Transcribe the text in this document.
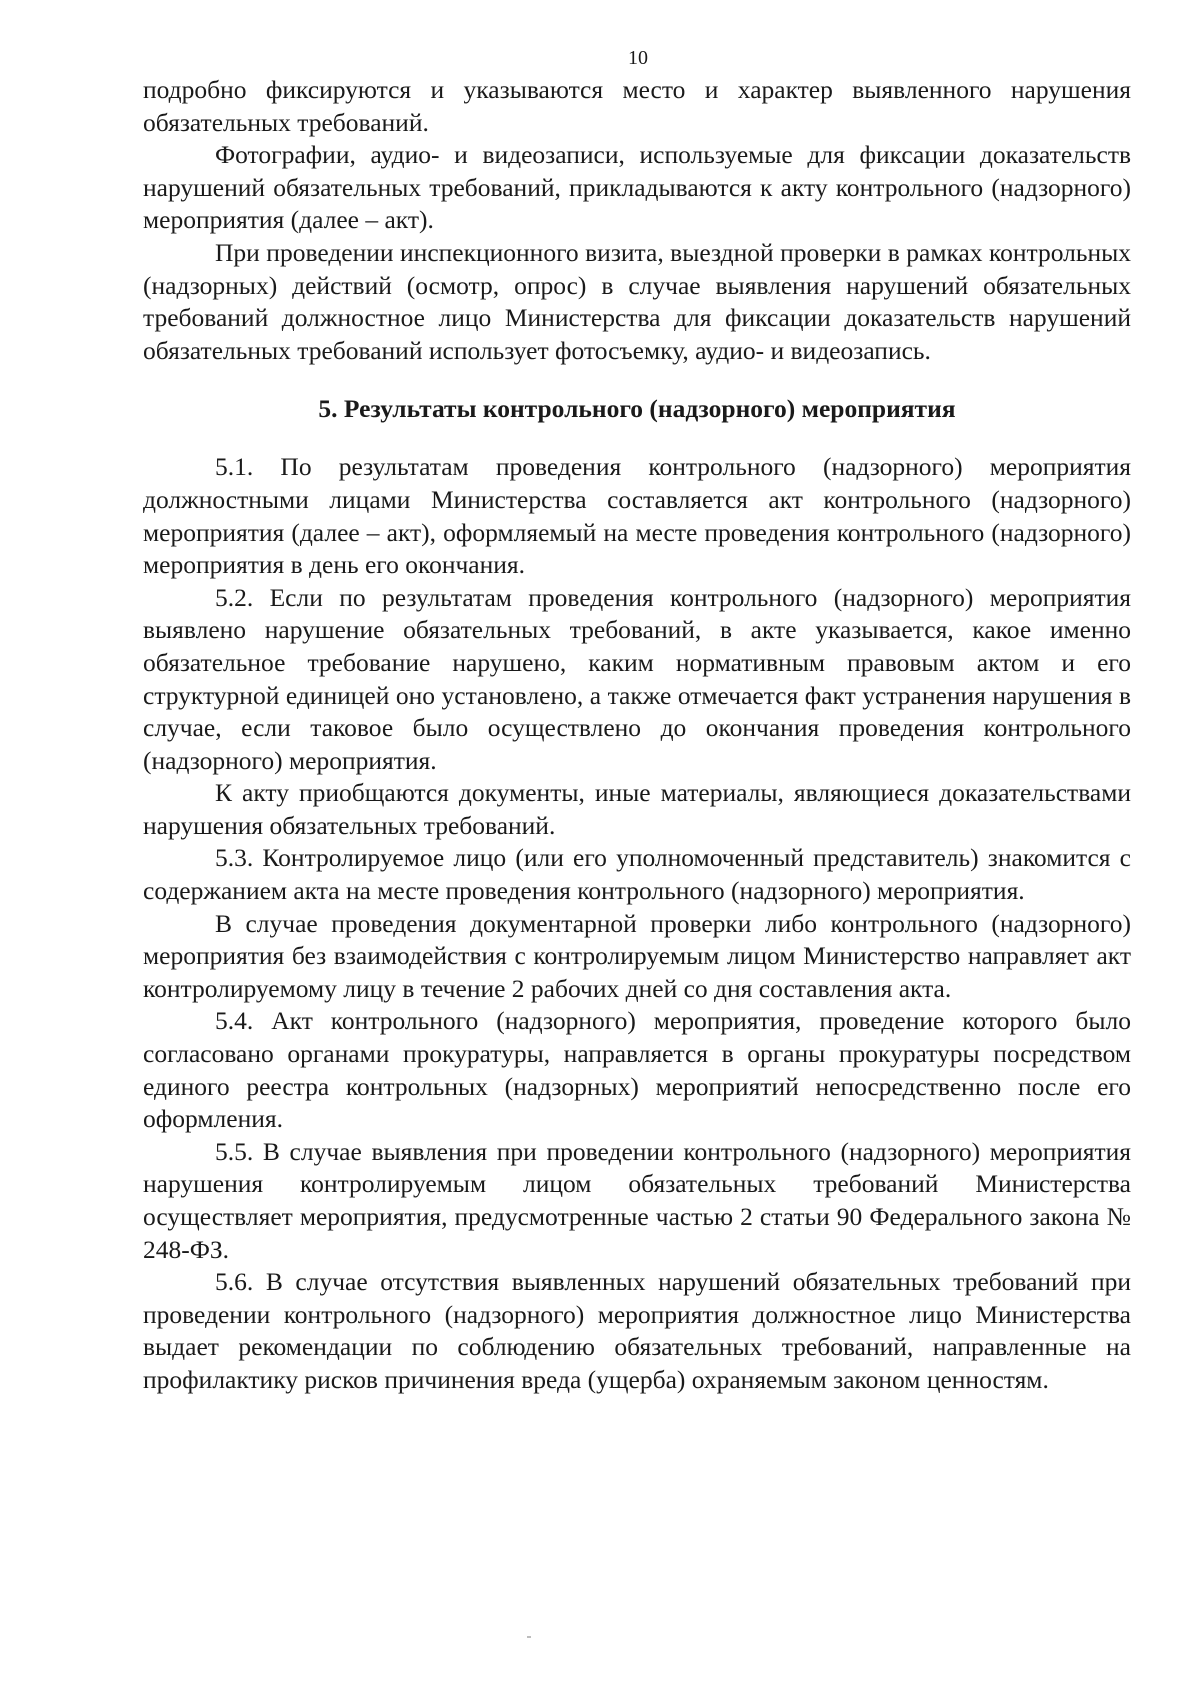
10

подробно фиксируются и указываются место и характер выявленного нарушения обязательных требований.

Фотографии, аудио- и видеозаписи, используемые для фиксации доказательств нарушений обязательных требований, прикладываются к акту контрольного (надзорного) мероприятия (далее – акт).

При проведении инспекционного визита, выездной проверки в рамках контрольных (надзорных) действий (осмотр, опрос) в случае выявления нарушений обязательных требований должностное лицо Министерства для фиксации доказательств нарушений обязательных требований использует фотосъемку, аудио- и видеозапись.

5. Результаты контрольного (надзорного) мероприятия

5.1. По результатам проведения контрольного (надзорного) мероприятия должностными лицами Министерства составляется акт контрольного (надзорного) мероприятия (далее – акт), оформляемый на месте проведения контрольного (надзорного) мероприятия в день его окончания.

5.2. Если по результатам проведения контрольного (надзорного) мероприятия выявлено нарушение обязательных требований, в акте указывается, какое именно обязательное требование нарушено, каким нормативным правовым актом и его структурной единицей оно установлено, а также отмечается факт устранения нарушения в случае, если таковое было осуществлено до окончания проведения контрольного (надзорного) мероприятия.

К акту приобщаются документы, иные материалы, являющиеся доказательствами нарушения обязательных требований.

5.3. Контролируемое лицо (или его уполномоченный представитель) знакомится с содержанием акта на месте проведения контрольного (надзорного) мероприятия.

В случае проведения документарной проверки либо контрольного (надзорного) мероприятия без взаимодействия с контролируемым лицом Министерство направляет акт контролируемому лицу в течение 2 рабочих дней со дня составления акта.

5.4. Акт контрольного (надзорного) мероприятия, проведение которого было согласовано органами прокуратуры, направляется в органы прокуратуры посредством единого реестра контрольных (надзорных) мероприятий непосредственно после его оформления.

5.5. В случае выявления при проведении контрольного (надзорного) мероприятия нарушения контролируемым лицом обязательных требований Министерства осуществляет мероприятия, предусмотренные частью 2 статьи 90 Федерального закона № 248-ФЗ.

5.6. В случае отсутствия выявленных нарушений обязательных требований при проведении контрольного (надзорного) мероприятия должностное лицо Министерства выдает рекомендации по соблюдению обязательных требований, направленные на профилактику рисков причинения вреда (ущерба) охраняемым законом ценностям.
